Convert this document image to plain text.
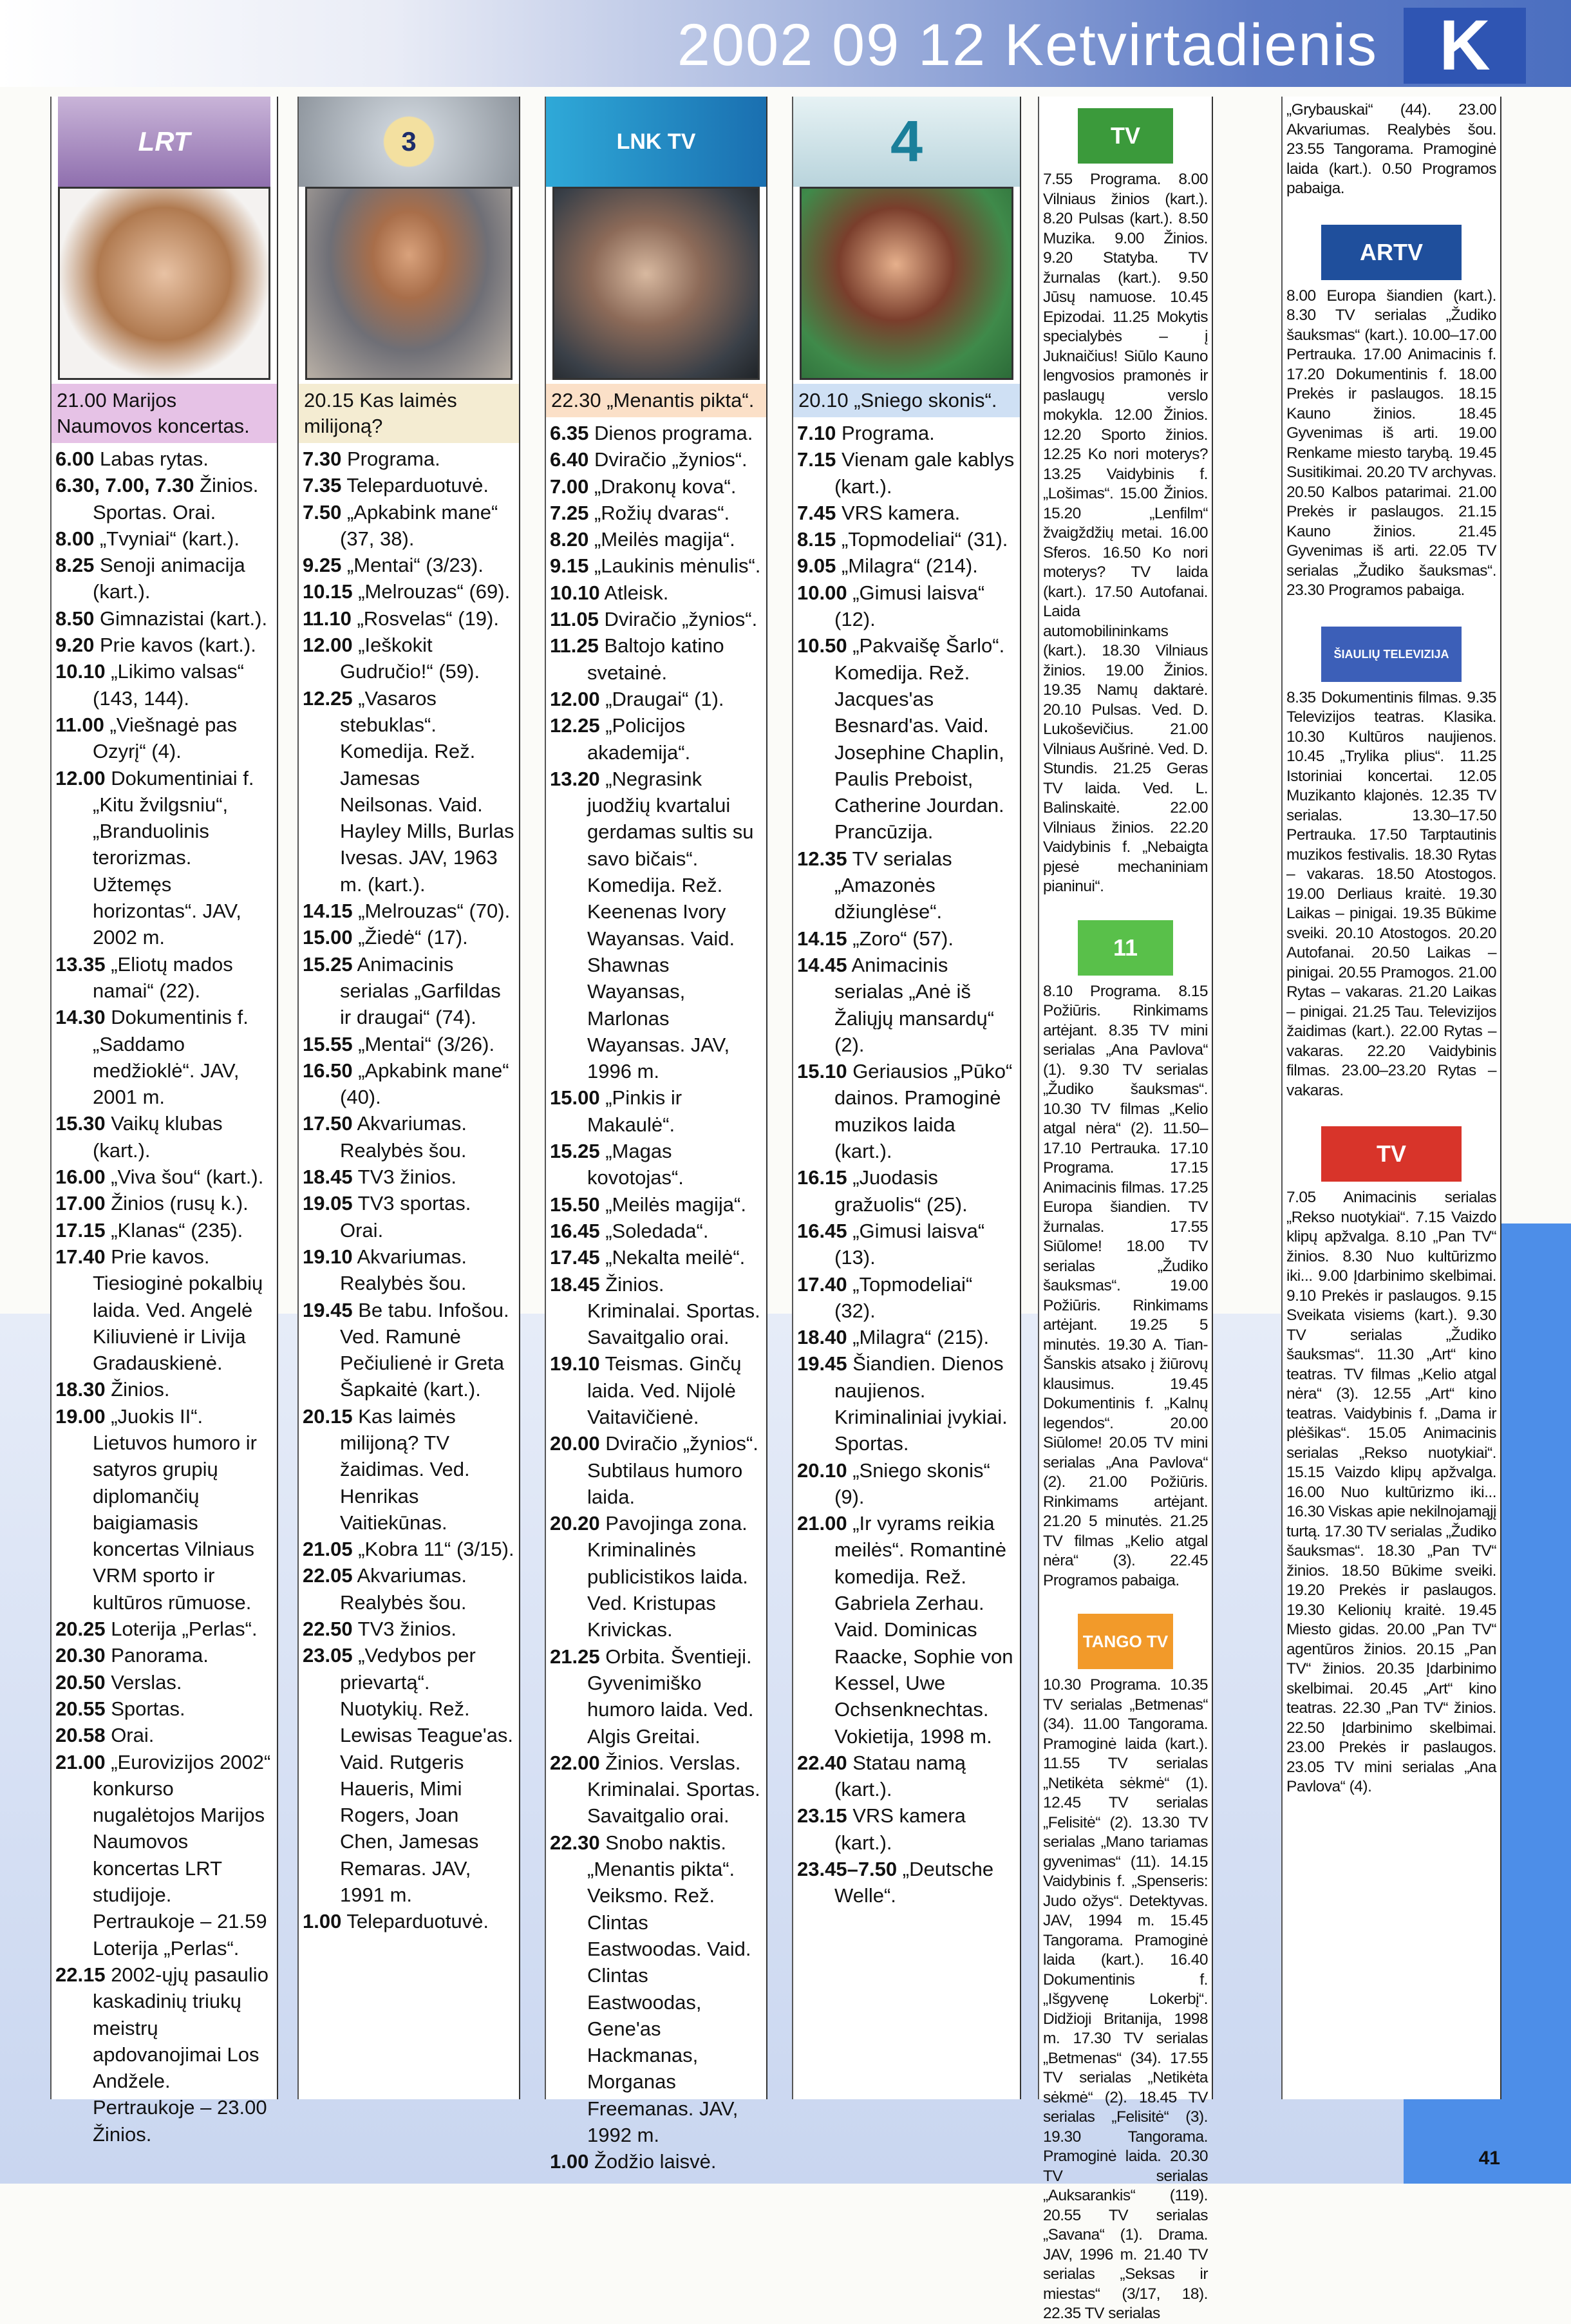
2002 09 12 Ketvirtadienis K
LRT
21.00 Marijos Naumovos koncertas.
6.00 Labas rytas.
6.30, 7.00, 7.30 Žinios. Sportas. Orai.
8.00 „Tvyniai“ (kart.).
8.25 Senoji animacija (kart.).
8.50 Gimnazistai (kart.).
9.20 Prie kavos (kart.).
10.10 „Likimo valsas“ (143, 144).
11.00 „Viešnagė pas Ozyrį“ (4).
12.00 Dokumentiniai f. „Kitu žvilgsniu“, „Branduolinis terorizmas. Užtemęs horizontas“. JAV, 2002 m.
13.35 „Eliotų mados namai“ (22).
14.30 Dokumentinis f. „Saddamo medžioklė“. JAV, 2001 m.
15.30 Vaikų klubas (kart.).
16.00 „Viva šou“ (kart.).
17.00 Žinios (rusų k.).
17.15 „Klanas“ (235).
17.40 Prie kavos. Tiesioginė pokalbių laida. Ved. Angelė Kiliuvienė ir Livija Gradauskienė.
18.30 Žinios.
19.00 „Juokis II“. Lietuvos humoro ir satyros grupių diplomančių baigiamasis koncertas Vilniaus VRM sporto ir kultūros rūmuose.
20.25 Loterija „Perlas“.
20.30 Panorama.
20.50 Verslas.
20.55 Sportas.
20.58 Orai.
21.00 „Eurovizijos 2002“ konkurso nugalėtojos Marijos Naumovos koncertas LRT studijoje. Pertraukoje – 21.59 Loterija „Perlas“.
22.15 2002-ųjų pasaulio kaskadinių triukų meistrų apdovanojimai Los Andžele. Pertraukoje – 23.00 Žinios.
3
20.15 Kas laimės milijoną?
7.30 Programa.
7.35 Teleparduotuvė.
7.50 „Apkabink mane“ (37, 38).
9.25 „Mentai“ (3/23).
10.15 „Melrouzas“ (69).
11.10 „Rosvelas“ (19).
12.00 „Ieškokit Gudručio!“ (59).
12.25 „Vasaros stebuklas“. Komedija. Rež. Jamesas Neilsonas. Vaid. Hayley Mills, Burlas Ivesas. JAV, 1963 m. (kart.).
14.15 „Melrouzas“ (70).
15.00 „Žiedė“ (17).
15.25 Animacinis serialas „Garfildas ir draugai“ (74).
15.55 „Mentai“ (3/26).
16.50 „Apkabink mane“ (40).
17.50 Akvariumas. Realybės šou.
18.45 TV3 žinios.
19.05 TV3 sportas. Orai.
19.10 Akvariumas. Realybės šou.
19.45 Be tabu. Infošou. Ved. Ramunė Pečiulienė ir Greta Šapkaitė (kart.).
20.15 Kas laimės milijoną? TV žaidimas. Ved. Henrikas Vaitiekūnas.
21.05 „Kobra 11“ (3/15).
22.05 Akvariumas. Realybės šou.
22.50 TV3 žinios.
23.05 „Vedybos per prievartą“. Nuotykių. Rež. Lewisas Teague'as. Vaid. Rutgeris Haueris, Mimi Rogers, Joan Chen, Jamesas Remaras. JAV, 1991 m.
1.00 Teleparduotuvė.
LNK TV
22.30 „Menantis pikta“.
6.35 Dienos programa.
6.40 Dviračio „žynios“.
7.00 „Drakonų kova“.
7.25 „Rožių dvaras“.
8.20 „Meilės magija“.
9.15 „Laukinis mėnulis“.
10.10 Atleisk.
11.05 Dviračio „žynios“.
11.25 Baltojo katino svetainė.
12.00 „Draugai“ (1).
12.25 „Policijos akademija“.
13.20 „Negrasink juodžių kvartalui gerdamas sultis su savo bičais“. Komedija. Rež. Keenenas Ivory Wayansas. Vaid. Shawnas Wayansas, Marlonas Wayansas. JAV, 1996 m.
15.00 „Pinkis ir Makaulė“.
15.25 „Magas kovotojas“.
15.50 „Meilės magija“.
16.45 „Soledada“.
17.45 „Nekalta meilė“.
18.45 Žinios. Kriminalai. Sportas. Savaitgalio orai.
19.10 Teismas. Ginčų laida. Ved. Nijolė Vaitavičienė.
20.00 Dviračio „žynios“. Subtilaus humoro laida.
20.20 Pavojinga zona. Kriminalinės publicistikos laida. Ved. Kristupas Krivickas.
21.25 Orbita. Šventieji. Gyvenimiško humoro laida. Ved. Algis Greitai.
22.00 Žinios. Verslas. Kriminalai. Sportas. Savaitgalio orai.
22.30 Snobo naktis. „Menantis pikta“. Veiksmo. Rež. Clintas Eastwoodas. Vaid. Clintas Eastwoodas, Gene'as Hackmanas, Morganas Freemanas. JAV, 1992 m.
1.00 Žodžio laisvė.
4
20.10 „Sniego skonis“.
7.10 Programa.
7.15 Vienam gale kablys (kart.).
7.45 VRS kamera.
8.15 „Topmodeliai“ (31).
9.05 „Milagra“ (214).
10.00 „Gimusi laisva“ (12).
10.50 „Pakvaišę Šarlo“. Komedija. Rež. Jacques'as Besnard'as. Vaid. Josephine Chaplin, Paulis Preboist, Catherine Jourdan. Prancūzija.
12.35 TV serialas „Amazonės džiunglėse“.
14.15 „Zoro“ (57).
14.45 Animacinis serialas „Anė iš Žaliųjų mansardų“ (2).
15.10 Geriausios „Pūko“ dainos. Pramoginė muzikos laida (kart.).
16.15 „Juodasis gražuolis“ (25).
16.45 „Gimusi laisva“ (13).
17.40 „Topmodeliai“ (32).
18.40 „Milagra“ (215).
19.45 Šiandien. Dienos naujienos. Kriminaliniai įvykiai. Sportas.
20.10 „Sniego skonis“ (9).
21.00 „Ir vyrams reikia meilės“. Romantinė komedija. Rež. Gabriela Zerhau. Vaid. Dominicas Raacke, Sophie von Kessel, Uwe Ochsenknechtas. Vokietija, 1998 m.
22.40 Statau namą (kart.).
23.15 VRS kamera (kart.).
23.45–7.50 „Deutsche Welle“.
TV
7.55 Programa. 8.00 Vilniaus žinios (kart.). 8.20 Pulsas (kart.). 8.50 Muzika. 9.00 Žinios. 9.20 Statyba. TV žurnalas (kart.). 9.50 Jūsų namuose. 10.45 Epizodai. 11.25 Mokytis specialybės – į Juknaičius! Siūlo Kauno lengvosios pramonės ir paslaugų verslo mokykla. 12.00 Žinios. 12.20 Sporto žinios. 12.25 Ko nori moterys? 13.25 Vaidybinis f. „Lošimas“. 15.00 Žinios. 15.20 „Lenfilm“ žvaigždžių metai. 16.00 Sferos. 16.50 Ko nori moterys? TV laida (kart.). 17.50 Autofanai. Laida automobilininkams (kart.). 18.30 Vilniaus žinios. 19.00 Žinios. 19.35 Namų daktarė. 20.10 Pulsas. Ved. D. Lukoševičius. 21.00 Vilniaus Aušrinė. Ved. D. Stundis. 21.25 Geras TV laida. Ved. L. Balinskaitė. 22.00 Vilniaus žinios. 22.20 Vaidybinis f. „Nebaigta pjesė mechaniniam pianinui“.
11
8.10 Programa. 8.15 Požiūris. Rinkimams artėjant. 8.35 TV mini serialas „Ana Pavlova“ (1). 9.30 TV serialas „Žudiko šauksmas“. 10.30 TV filmas „Kelio atgal nėra“ (2). 11.50–17.10 Pertrauka. 17.10 Programa. 17.15 Animacinis filmas. 17.25 Europa šiandien. TV žurnalas. 17.55 Siūlome! 18.00 TV serialas „Žudiko šauksmas“. 19.00 Požiūris. Rinkimams artėjant. 19.25 5 minutės. 19.30 A. Tian-Šanskis atsako į žiūrovų klausimus. 19.45 Dokumentinis f. „Kalnų legendos“. 20.00 Siūlome! 20.05 TV mini serialas „Ana Pavlova“ (2). 21.00 Požiūris. Rinkimams artėjant. 21.20 5 minutės. 21.25 TV filmas „Kelio atgal nėra“ (3). 22.45 Programos pabaiga.
TANGO TV
10.30 Programa. 10.35 TV serialas „Betmenas“ (34). 11.00 Tangorama. Pramoginė laida (kart.). 11.55 TV serialas „Netikėta sėkmė“ (1). 12.45 TV serialas „Felisitė“ (2). 13.30 TV serialas „Mano tariamas gyvenimas“ (11). 14.15 Vaidybinis f. „Spenseris: Judo ožys“. Detektyvas. JAV, 1994 m. 15.45 Tangorama. Pramoginė laida (kart.). 16.40 Dokumentinis f. „Išgyvenę Lokerbį“. Didžioji Britanija, 1998 m. 17.30 TV serialas „Betmenas“ (34). 17.55 TV serialas „Netikėta sėkmė“ (2). 18.45 TV serialas „Felisitė“ (3). 19.30 Tangorama. Pramoginė laida. 20.30 TV serialas „Auksarankis“ (119). 20.55 TV serialas „Savana“ (1). Drama. JAV, 1996 m. 21.40 TV serialas „Seksas ir miestas“ (3/17, 18). 22.35 TV serialas
„Grybauskai“ (44). 23.00 Akvariumas. Realybės šou. 23.55 Tangorama. Pramoginė laida (kart.). 0.50 Programos pabaiga.
ARTV
8.00 Europa šiandien (kart.). 8.30 TV serialas „Žudiko šauksmas“ (kart.). 10.00–17.00 Pertrauka. 17.00 Animacinis f. 17.20 Dokumentinis f. 18.00 Prekės ir paslaugos. 18.15 Kauno žinios. 18.45 Gyvenimas iš arti. 19.00 Renkame miesto tarybą. 19.45 Susitikimai. 20.20 TV archyvas. 20.50 Kalbos patarimai. 21.00 Prekės ir paslaugos. 21.15 Kauno žinios. 21.45 Gyvenimas iš arti. 22.05 TV serialas „Žudiko šauksmas“. 23.30 Programos pabaiga.
ŠIAULIŲ TELEVIZIJA
8.35 Dokumentinis filmas. 9.35 Televizijos teatras. Klasika. 10.30 Kultūros naujienos. 10.45 „Trylika plius“. 11.25 Istoriniai koncertai. 12.05 Muzikanto klajonės. 12.35 TV serialas. 13.30–17.50 Pertrauka. 17.50 Tarptautinis muzikos festivalis. 18.30 Rytas – vakaras. 18.50 Atostogos. 19.00 Derliaus kraitė. 19.30 Laikas – pinigai. 19.35 Būkime sveiki. 20.10 Atostogos. 20.20 Autofanai. 20.50 Laikas – pinigai. 20.55 Pramogos. 21.00 Rytas – vakaras. 21.20 Laikas – pinigai. 21.25 Tau. Televizijos žaidimas (kart.). 22.00 Rytas – vakaras. 22.20 Vaidybinis filmas. 23.00–23.20 Rytas – vakaras.
TV
7.05 Animacinis serialas „Rekso nuotykiai“. 7.15 Vaizdo klipų apžvalga. 8.10 „Pan TV“ žinios. 8.30 Nuo kultūrizmo iki... 9.00 Įdarbinimo skelbimai. 9.10 Prekės ir paslaugos. 9.15 Sveikata visiems (kart.). 9.30 TV serialas „Žudiko šauksmas“. 11.30 „Art“ kino teatras. TV filmas „Kelio atgal nėra“ (3). 12.55 „Art“ kino teatras. Vaidybinis f. „Dama ir plėšikas“. 15.05 Animacinis serialas „Rekso nuotykiai“. 15.15 Vaizdo klipų apžvalga. 16.00 Nuo kultūrizmo iki... 16.30 Viskas apie nekilnojamąjį turtą. 17.30 TV serialas „Žudiko šauksmas“. 18.30 „Pan TV“ žinios. 18.50 Būkime sveiki. 19.20 Prekės ir paslaugos. 19.30 Kelionių kraitė. 19.45 Miesto gidas. 20.00 „Pan TV“ agentūros žinios. 20.15 „Pan TV“ žinios. 20.35 Įdarbinimo skelbimai. 20.45 „Art“ kino teatras. 22.30 „Pan TV“ žinios. 22.50 Įdarbinimo skelbimai. 23.00 Prekės ir paslaugos. 23.05 TV mini serialas „Ana Pavlova“ (4).
41
